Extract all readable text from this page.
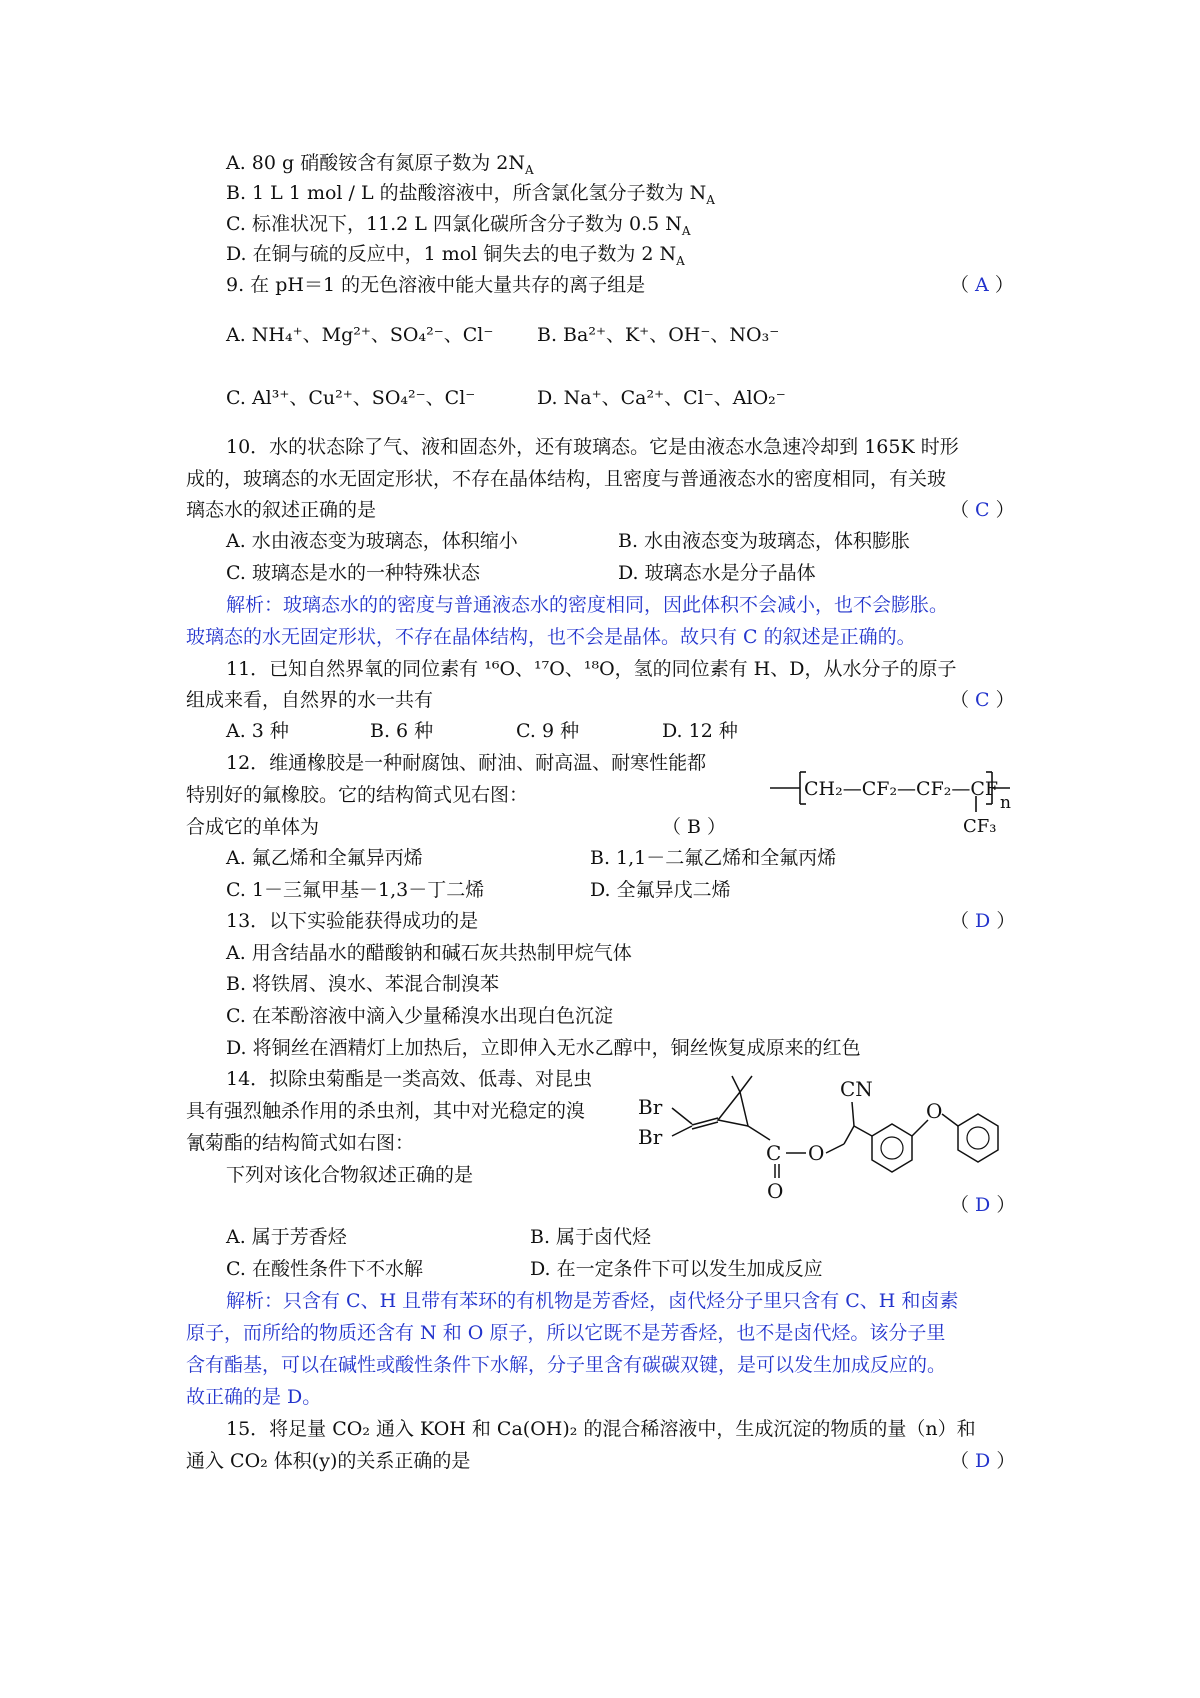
A. 80 g 硝酸铵含有氮原子数为 $2N_A$
B. 1 L 1 mol / L 的盐酸溶液中，所含氯化氢分子数为 $N_A$
C. 标准状况下，11.2 L 四氯化碳所含分子数为 0.5 $N_A$
D. 在铜与硫的反应中，1 mol 铜失去的电子数为 2 $N_A$
9. 在 pH＝1 的无色溶液中能大量共存的离子组是	（ A ）
A. NH₄⁺、Mg²⁺、SO₄²⁻、Cl⁻ B. Ba²⁺、K⁺、OH⁻、NO₃⁻
C. Al³⁺、Cu²⁺、SO₄²⁻、Cl⁻	D. Na⁺、Ca²⁺、Cl⁻、AlO₂⁻
10．水的状态除了气、液和固态外，还有玻璃态。它是由液态水急速冷却到 165K 时形
成的，玻璃态的水无固定形状，不存在晶体结构，且密度与普通液态水的密度相同，有关玻
璃态水的叙述正确的是	（ C ）
A. 水由液态变为玻璃态，体积缩小	B. 水由液态变为玻璃态，体积膨胀
C. 玻璃态是水的一种特殊状态	D. 玻璃态水是分子晶体
解析：玻璃态水的的密度与普通液态水的密度相同，因此体积不会减小，也不会膨胀。
玻璃态的水无固定形状，不存在晶体结构，也不会是晶体。故只有 C 的叙述是正确的。
11．已知自然界氧的同位素有 ¹⁶O、¹⁷O、¹⁸O，氢的同位素有 H、D，从水分子的原子
组成来看，自然界的水一共有	（ C ）
A. 3 种	B. 6 种	C. 9 种	D. 12 种
12．维通橡胶是一种耐腐蚀、耐油、耐高温、耐寒性能都
特别好的氟橡胶。它的结构简式见右图：
合成它的单体为	（ B ）
CH₂—CF₂—CF₂—CF
CF₃
n
A. 氟乙烯和全氟异丙烯	B. 1,1－二氟乙烯和全氟丙烯
C. 1－三氟甲基－1,3－丁二烯	D. 全氟异戊二烯
13．以下实验能获得成功的是	（ D ）
A. 用含结晶水的醋酸钠和碱石灰共热制甲烷气体
B. 将铁屑、溴水、苯混合制溴苯
C. 在苯酚溶液中滴入少量稀溴水出现白色沉淀
D. 将铜丝在酒精灯上加热后，立即伸入无水乙醇中，铜丝恢复成原来的红色
14．拟除虫菊酯是一类高效、低毒、对昆虫
具有强烈触杀作用的杀虫剂，其中对光稳定的溴
氰菊酯的结构简式如右图：
下列对该化合物叙述正确的是
Br
Br
C
O
O
CN
O
（ D ）
A. 属于芳香烃	B. 属于卤代烃
C. 在酸性条件下不水解	D. 在一定条件下可以发生加成反应
解析：只含有 C、H 且带有苯环的有机物是芳香烃，卤代烃分子里只含有 C、H 和卤素
原子，而所给的物质还含有 N 和 O 原子，所以它既不是芳香烃，也不是卤代烃。该分子里
含有酯基，可以在碱性或酸性条件下水解，分子里含有碳碳双键，是可以发生加成反应的。
故正确的是 D。
15．将足量 CO₂ 通入 KOH 和 Ca(OH)₂ 的混合稀溶液中，生成沉淀的物质的量（n）和
通入 CO₂ 体积(y)的关系正确的是	（ D ）
